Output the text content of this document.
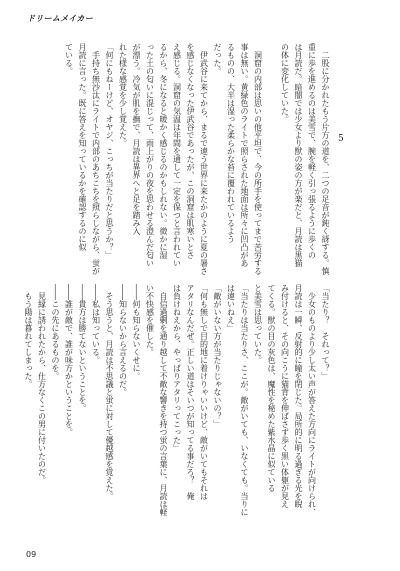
ドリームメイカー
5
　二股に分かれたもう片方の道を、二つの足音が鈍く谺する。慎
重に歩を進めるのは美雪で、腕を軽く引っ張るように歩くの
は月読だ。暗闇では少女より獣の姿の方が楽だと、月読は黒猫
の体に変化していた。
　洞窟の内部は思いの他平坦で、今の所手を使ってまで苦労する
事は無い。黄緑色のライトで照らされた地面は所々に凹凸があ
るものの、大半は湿った柔らかな苔に覆われているよう
だった。
　伊武谷に来てから、まるで違う世界に来たかのように夏の暑さ
を感じなくなった伊武谷であったが、この洞窟は肌寒いとさ
え感じる。洞窟の気温は年間を通して一定を保つと言われてい
るから、冬になると暖かく感じるのかもしれない。微かに湿
った土の匂いに混じって、雨上がりの夜を思わせる澄んだ匂い
が漂う。冷気が肌を撫で、月読は異界へと足を踏み入
れた様な感覚を少し覚えた。
「何にもねーけど、オヤジ、こっちが当たりだと思うか？」
　手持ち無沙汰にライトで内部のあちこちを照らしながら、蛍が
月読に言った。既に答えを知っているかを確認するのに似
ている。
「当たり？　それって？」
　少女のものより少し太い声が答えた方向にライトが向けられ、
月読は一瞬、反射的に瞳を閉じた。局所的に明る過ぎる光を睨
み付けると、その向こうに猫背を伸ばさず歩く黒い体躯が見え
てくる。獣の目の灰色は、魔性を秘めた紫水晶に似ている
と美雪は思っていた。
「当たりは当たりさ、ここが。敵がいても、いなくても。当りに
は違いねえ」
「敵がいない方が当たりじゃないの？」
「何も無しで目的地に着けりゃいいけど、敵がいてもそれは
アタリなんだぜ。正しい道はそいつが知ってる事だろ？　俺
は負けねえから、やっぱりアタリってこった」
　自信過剰を通り越して不敵な響きを持つ蛍の言葉に、月読は軽
い不快感を催した。
――何も知らないくせに。
――知らないから言えるのだ。
　そう思うと、月読は不思議と蛍に対して優越感を覚えた。
――私は知っている。
――貴方は勝てないということを。
――誰が敵で、誰が味方かということを。
――この先にあるものを。
　見縁に誘われたから、仕方なくこの男に付いたのだ。
　もう陽は暮れてしまった。
09
